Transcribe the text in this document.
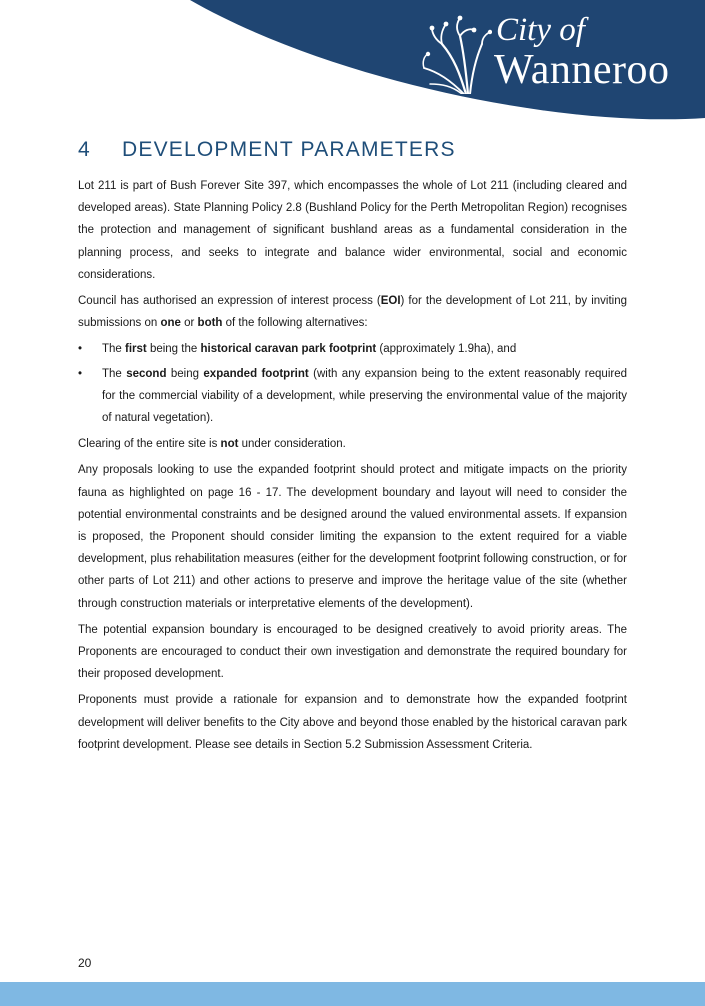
City of
Wanneroo
4 DEVELOPMENT PARAMETERS

Lot 211 is part of Bush Forever Site 397, which encompasses the whole of Lot 211 (including cleared and developed areas). State Planning Policy 2.8 (Bushland Policy for the Perth Metropolitan Region) recognises the protection and management of significant bushland areas as a fundamental consideration in the planning process, and seeks to integrate and balance wider environmental, social and economic considerations.

Council has authorised an expression of interest process (EOI) for the development of Lot 211, by inviting submissions on one or both of the following alternatives:

•	The first being the historical caravan park footprint (approximately 1.9ha), and
•	The second being expanded footprint (with any expansion being to the extent reasonably required for the commercial viability of a development, while preserving the environmental value of the majority of natural vegetation).

Clearing of the entire site is not under consideration.

Any proposals looking to use the expanded footprint should protect and mitigate impacts on the priority fauna as highlighted on page 16 - 17. The development boundary and layout will need to consider the potential environmental constraints and be designed around the valued environmental assets. If expansion is proposed, the Proponent should consider limiting the expansion to the extent required for a viable development, plus rehabilitation measures (either for the development footprint following construction, or for other parts of Lot 211) and other actions to preserve and improve the heritage value of the site (whether through construction materials or interpretative elements of the development).

The potential expansion boundary is encouraged to be designed creatively to avoid priority areas. The Proponents are encouraged to conduct their own investigation and demonstrate the required boundary for their proposed development.

Proponents must provide a rationale for expansion and to demonstrate how the expanded footprint development will deliver benefits to the City above and beyond those enabled by the historical caravan park footprint development. Please see details in Section 5.2 Submission Assessment Criteria.

20
